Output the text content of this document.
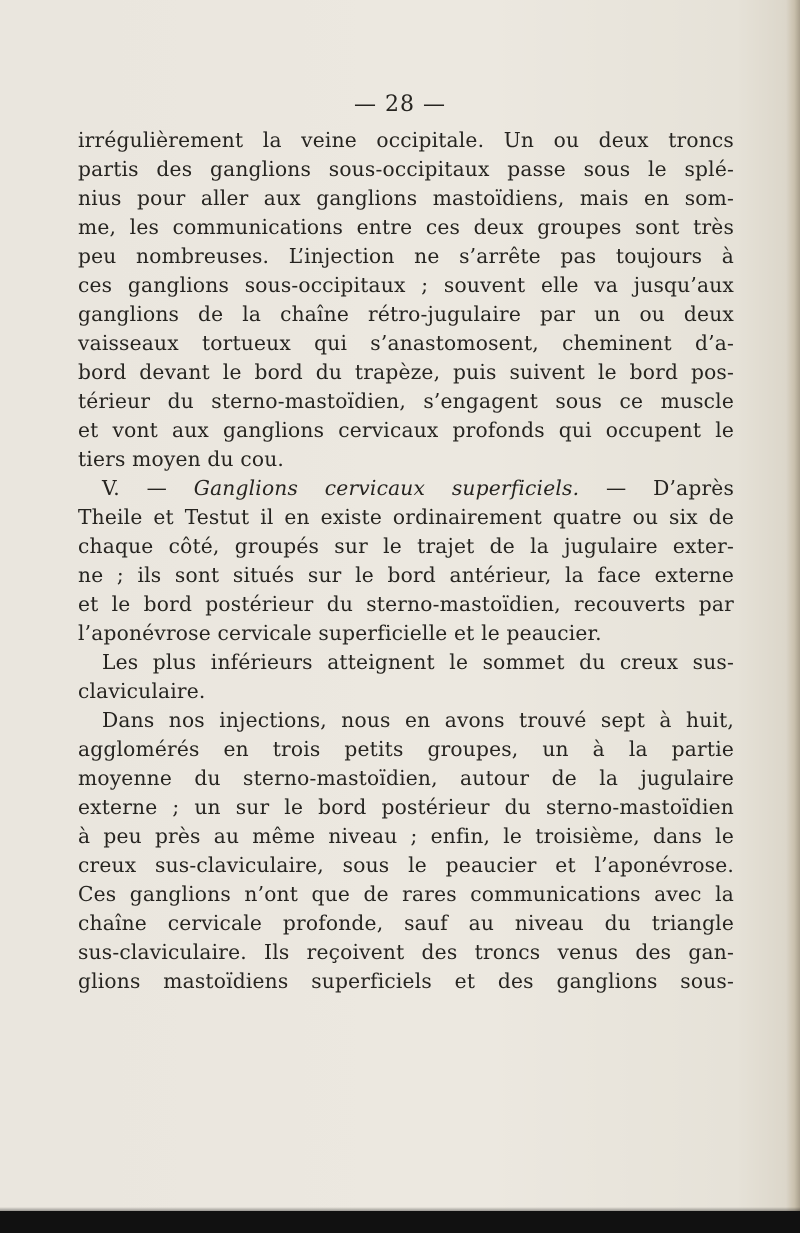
— 28 —
irrégulièrement la veine occipitale. Un ou deux troncs
partis des ganglions sous-occipitaux passe sous le splé-
nius pour aller aux ganglions mastoïdiens, mais en som-
me, les communications entre ces deux groupes sont très
peu nombreuses. L’injection ne s’arrête pas toujours à
ces ganglions sous-occipitaux ; souvent elle va jusqu’aux
ganglions de la chaîne rétro-jugulaire par un ou deux
vaisseaux tortueux qui s’anastomosent, cheminent d’a-
bord devant le bord du trapèze, puis suivent le bord pos-
térieur du sterno-mastoïdien, s’engagent sous ce muscle
et vont aux ganglions cervicaux profonds qui occupent le
tiers moyen du cou.
V. — Ganglions cervicaux superficiels. — D’après
Theile et Testut il en existe ordinairement quatre ou six de
chaque côté, groupés sur le trajet de la jugulaire exter-
ne ; ils sont situés sur le bord antérieur, la face externe
et le bord postérieur du sterno-mastoïdien, recouverts par
l’aponévrose cervicale superficielle et le peaucier.
Les plus inférieurs atteignent le sommet du creux sus-
claviculaire.
Dans nos injections, nous en avons trouvé sept à huit,
agglomérés en trois petits groupes, un à la partie
moyenne du sterno-mastoïdien, autour de la jugulaire
externe ; un sur le bord postérieur du sterno-mastoïdien
à peu près au même niveau ; enfin, le troisième, dans le
creux sus-claviculaire, sous le peaucier et l’aponévrose.
Ces ganglions n’ont que de rares communications avec la
chaîne cervicale profonde, sauf au niveau du triangle
sus-claviculaire. Ils reçoivent des troncs venus des gan-
glions mastoïdiens superficiels et des ganglions sous-
